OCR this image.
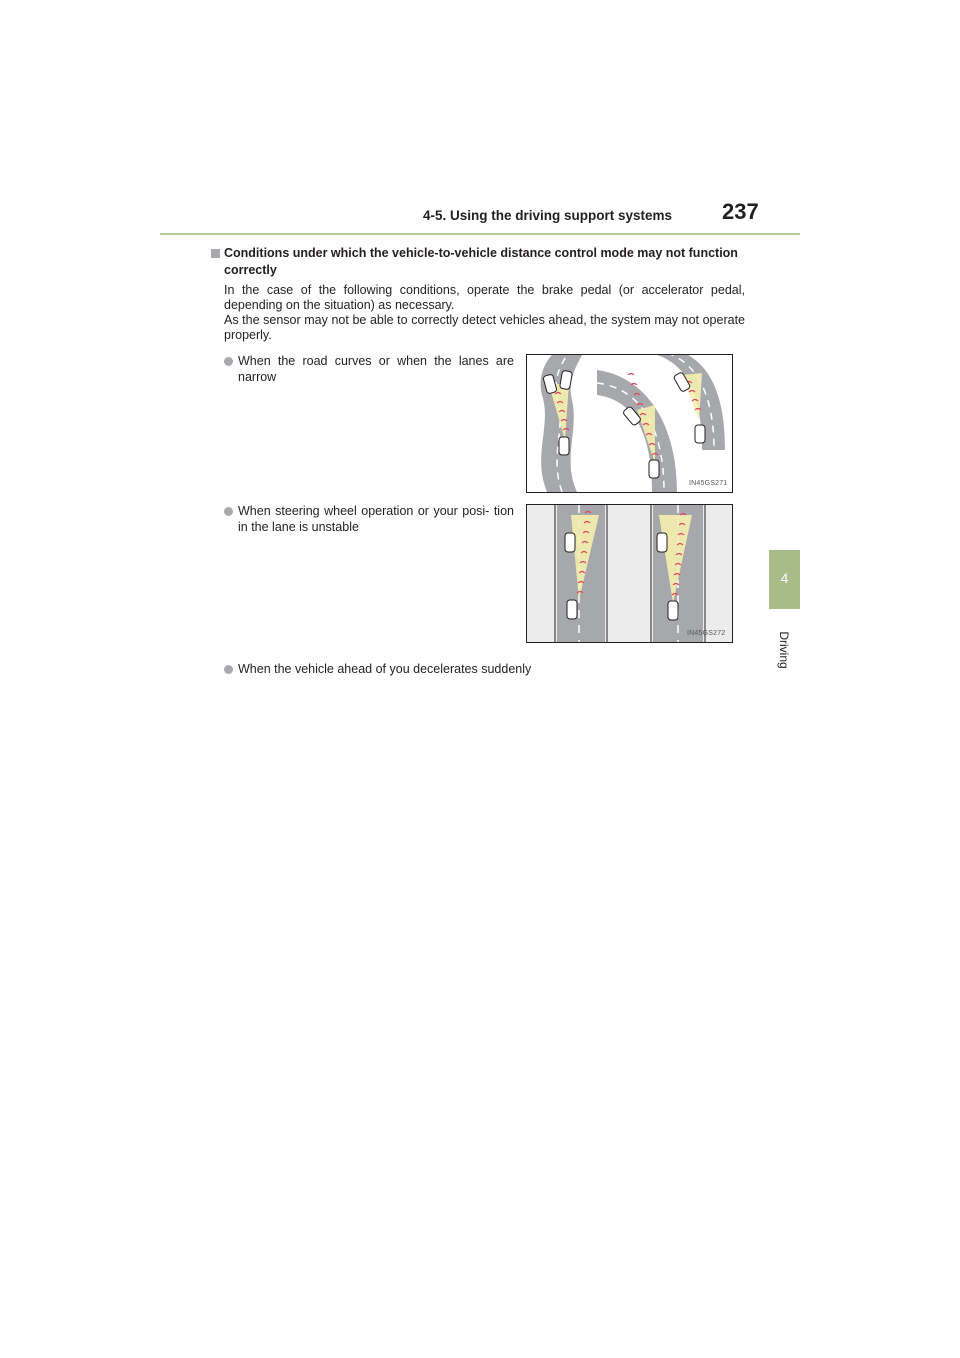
4-5. Using the driving support systems 237
4
Driving
Conditions under which the vehicle-to-vehicle distance control mode may not function correctly

In the case of the following conditions, operate the brake pedal (or accelerator pedal, depending on the situation) as necessary.

As the sensor may not be able to correctly detect vehicles ahead, the system may not operate properly.

When the road curves or when the lanes are narrow
When steering wheel operation or your posi- tion in the lane is unstable
When the vehicle ahead of you decelerates suddenly
IN45GS271
IN45GS272
